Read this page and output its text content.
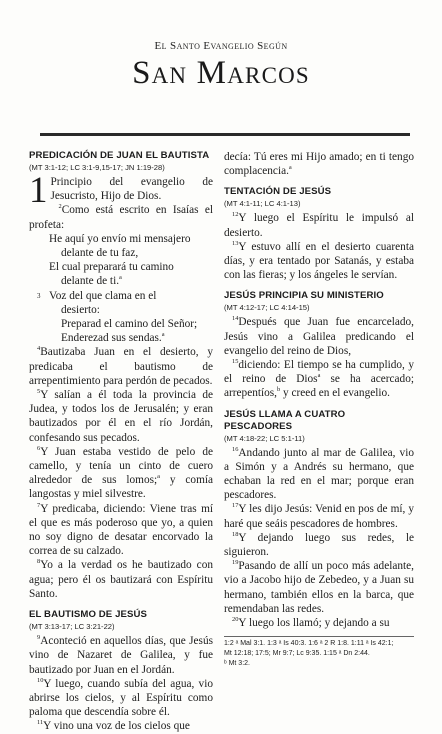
El Santo Evangelio Según
San Marcos
PREDICACIÓN DE JUAN EL BAUTISTA
(MT 3:1-12; LC 3:1-9,15-17; JN 1:19-28)
1 Principio del evangelio de Jesucristo, Hijo de Dios.
$^2$Como está escrito en Isaías el profeta:
He aquí yo envío mi mensajero
delante de tu faz,
El cual preparará tu camino
delante de ti.$^a$
3 Voz del que clama en el
desierto:
Preparad el camino del Señor;
Enderezad sus sendas.$^a$
$^4$Bautizaba Juan en el desierto, y predicaba el bautismo de arrepentimiento para perdón de pecados.
$^5$Y salían a él toda la provincia de Judea, y todos los de Jerusalén; y eran bautizados por él en el río Jordán, confesando sus pecados.
$^6$Y Juan estaba vestido de pelo de camello, y tenía un cinto de cuero alrededor de sus lomos;$^a$ y comía langostas y miel silvestre.
$^7$Y predicaba, diciendo: Viene tras mí el que es más poderoso que yo, a quien no soy digno de desatar encorvado la correa de su calzado.
$^8$Yo a la verdad os he bautizado con agua; pero él os bautizará con Espíritu Santo.
EL BAUTISMO DE JESÚS
(MT 3:13-17; LC 3:21-22)
$^9$Aconteció en aquellos días, que Jesús vino de Nazaret de Galilea, y fue bautizado por Juan en el Jordán.
$^{10}$Y luego, cuando subía del agua, vio abrirse los cielos, y al Espíritu como paloma que descendía sobre él.
$^{11}$Y vino una voz de los cielos que
decía: Tú eres mi Hijo amado; en ti tengo complacencia.$^a$
TENTACIÓN DE JESÚS
(MT 4:1-11; LC 4:1-13)
$^{12}$Y luego el Espíritu le impulsó al desierto.
$^{13}$Y estuvo allí en el desierto cuarenta días, y era tentado por Satanás, y estaba con las fieras; y los ángeles le servían.
JESÚS PRINCIPIA SU MINISTERIO
(MT 4:12-17; LC 4:14-15)
$^{14}$Después que Juan fue encarcelado, Jesús vino a Galilea predicando el evangelio del reino de Dios,
$^{15}$diciendo: El tiempo se ha cumplido, y el reino de Dios$^a$ se ha acercado; arrepentíos,$^b$ y creed en el evangelio.
JESÚS LLAMA A CUATRO PESCADORES
(MT 4:18-22; LC 5:1-11)
$^{16}$Andando junto al mar de Galilea, vio a Simón y a Andrés su hermano, que echaban la red en el mar; porque eran pescadores.
$^{17}$Y les dijo Jesús: Venid en pos de mí, y haré que seáis pescadores de hombres.
$^{18}$Y dejando luego sus redes, le siguieron.
$^{19}$Pasando de allí un poco más adelante, vio a Jacobo hijo de Zebedeo, y a Juan su hermano, también ellos en la barca, que remendaban las redes.
$^{20}$Y luego los llamó; y dejando a su
1:2 ᵃ Mal 3:1. 1:3 ᵃ Is 40:3. 1:6 ᵃ 2 R 1:8. 1:11 ᵃ Is 42:1;
Mt 12:18; 17:5; Mr 9:7; Lc 9:35. 1:15 ᵃ Dn 2:44.
ᵇ Mt 3:2.
